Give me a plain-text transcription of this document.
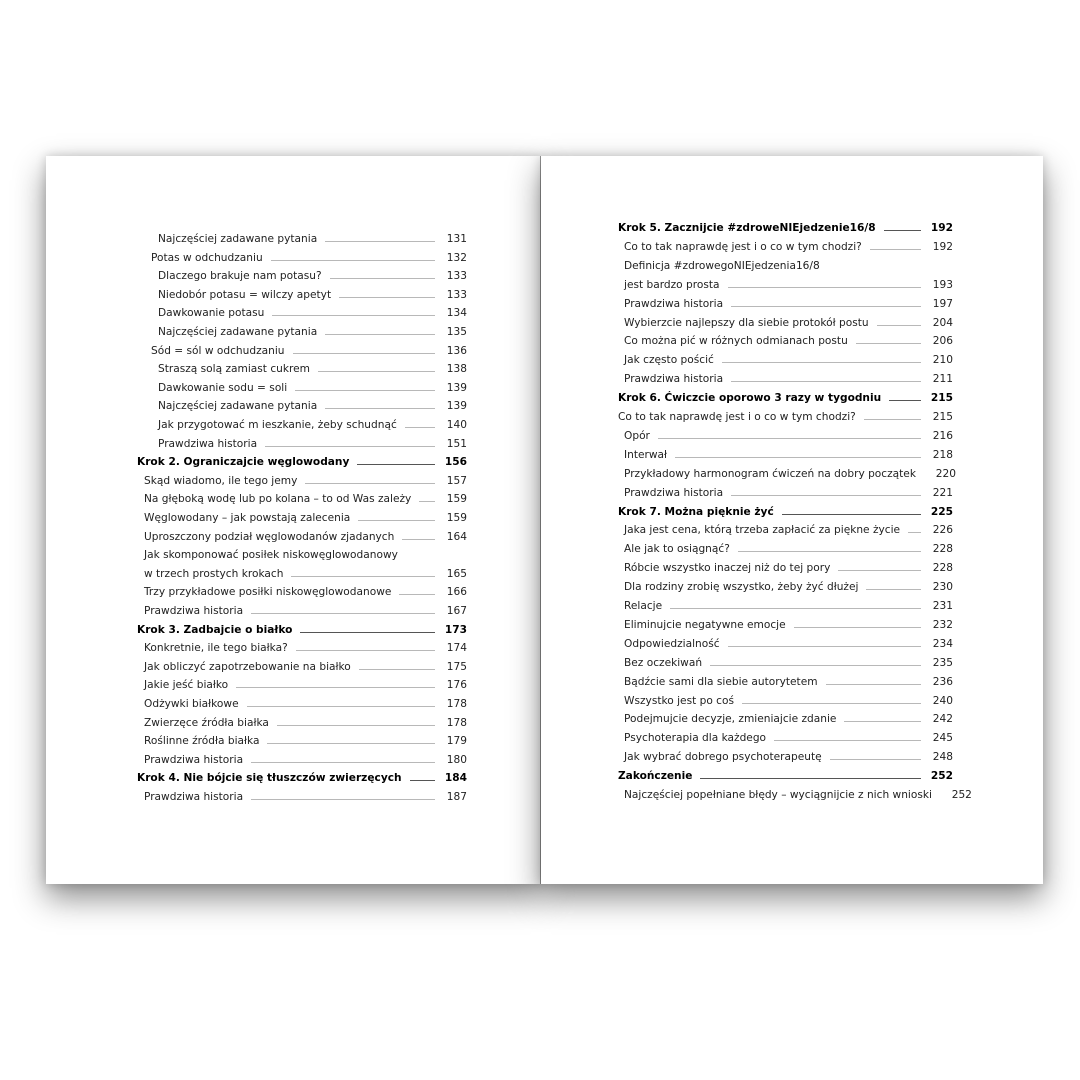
Najczęściej zadawane pytania	131
Potas w odchudzaniu	132
Dlaczego brakuje nam potasu?	133
Niedobór potasu = wilczy apetyt	133
Dawkowanie potasu	134
Najczęściej zadawane pytania	135
Sód = sól w odchudzaniu	136
Straszą solą zamiast cukrem	138
Dawkowanie sodu = soli	139
Najczęściej zadawane pytania	139
Jak przygotować m ieszkanie, żeby schudnąć	140
Prawdziwa historia	151
Krok 2. Ograniczajcie węglowodany	156
Skąd wiadomo, ile tego jemy	157
Na głęboką wodę lub po kolana – to od Was zależy	159
Węglowodany – jak powstają zalecenia	159
Uproszczony podział węglowodanów zjadanych	164
Jak skomponować posiłek niskowęglowodanowy
w trzech prostych krokach	165
Trzy przykładowe posiłki niskowęglowodanowe	166
Prawdziwa historia	167
Krok 3. Zadbajcie o białko	173
Konkretnie, ile tego białka?	174
Jak obliczyć zapotrzebowanie na białko	175
Jakie jeść białko	176
Odżywki białkowe	178
Zwierzęce źródła białka	178
Roślinne źródła białka	179
Prawdziwa historia	180
Krok 4. Nie bójcie się tłuszczów zwierzęcych	184
Prawdziwa historia	187
Krok 5. Zacznijcie #zdroweNIEjedzenie16/8	192
Co to tak naprawdę jest i o co w tym chodzi?	192
Definicja #zdrowegoNIEjedzenia16/8
jest bardzo prosta	193
Prawdziwa historia	197
Wybierzcie najlepszy dla siebie protokół postu	204
Co można pić w różnych odmianach postu	206
Jak często pościć	210
Prawdziwa historia	211
Krok 6. Ćwiczcie oporowo 3 razy w tygodniu	215
Co to tak naprawdę jest i o co w tym chodzi?	215
Opór	216
Interwał	218
Przykładowy harmonogram ćwiczeń na dobry początek	220
Prawdziwa historia	221
Krok 7. Można pięknie żyć	225
Jaka jest cena, którą trzeba zapłacić za piękne życie	226
Ale jak to osiągnąć?	228
Róbcie wszystko inaczej niż do tej pory	228
Dla rodziny zrobię wszystko, żeby żyć dłużej	230
Relacje	231
Eliminujcie negatywne emocje	232
Odpowiedzialność	234
Bez oczekiwań	235
Bądźcie sami dla siebie autorytetem	236
Wszystko jest po coś	240
Podejmujcie decyzje, zmieniajcie zdanie	242
Psychoterapia dla każdego	245
Jak wybrać dobrego psychoterapeutę	248
Zakończenie	252
Najczęściej popełniane błędy – wyciągnijcie z nich wnioski	252
